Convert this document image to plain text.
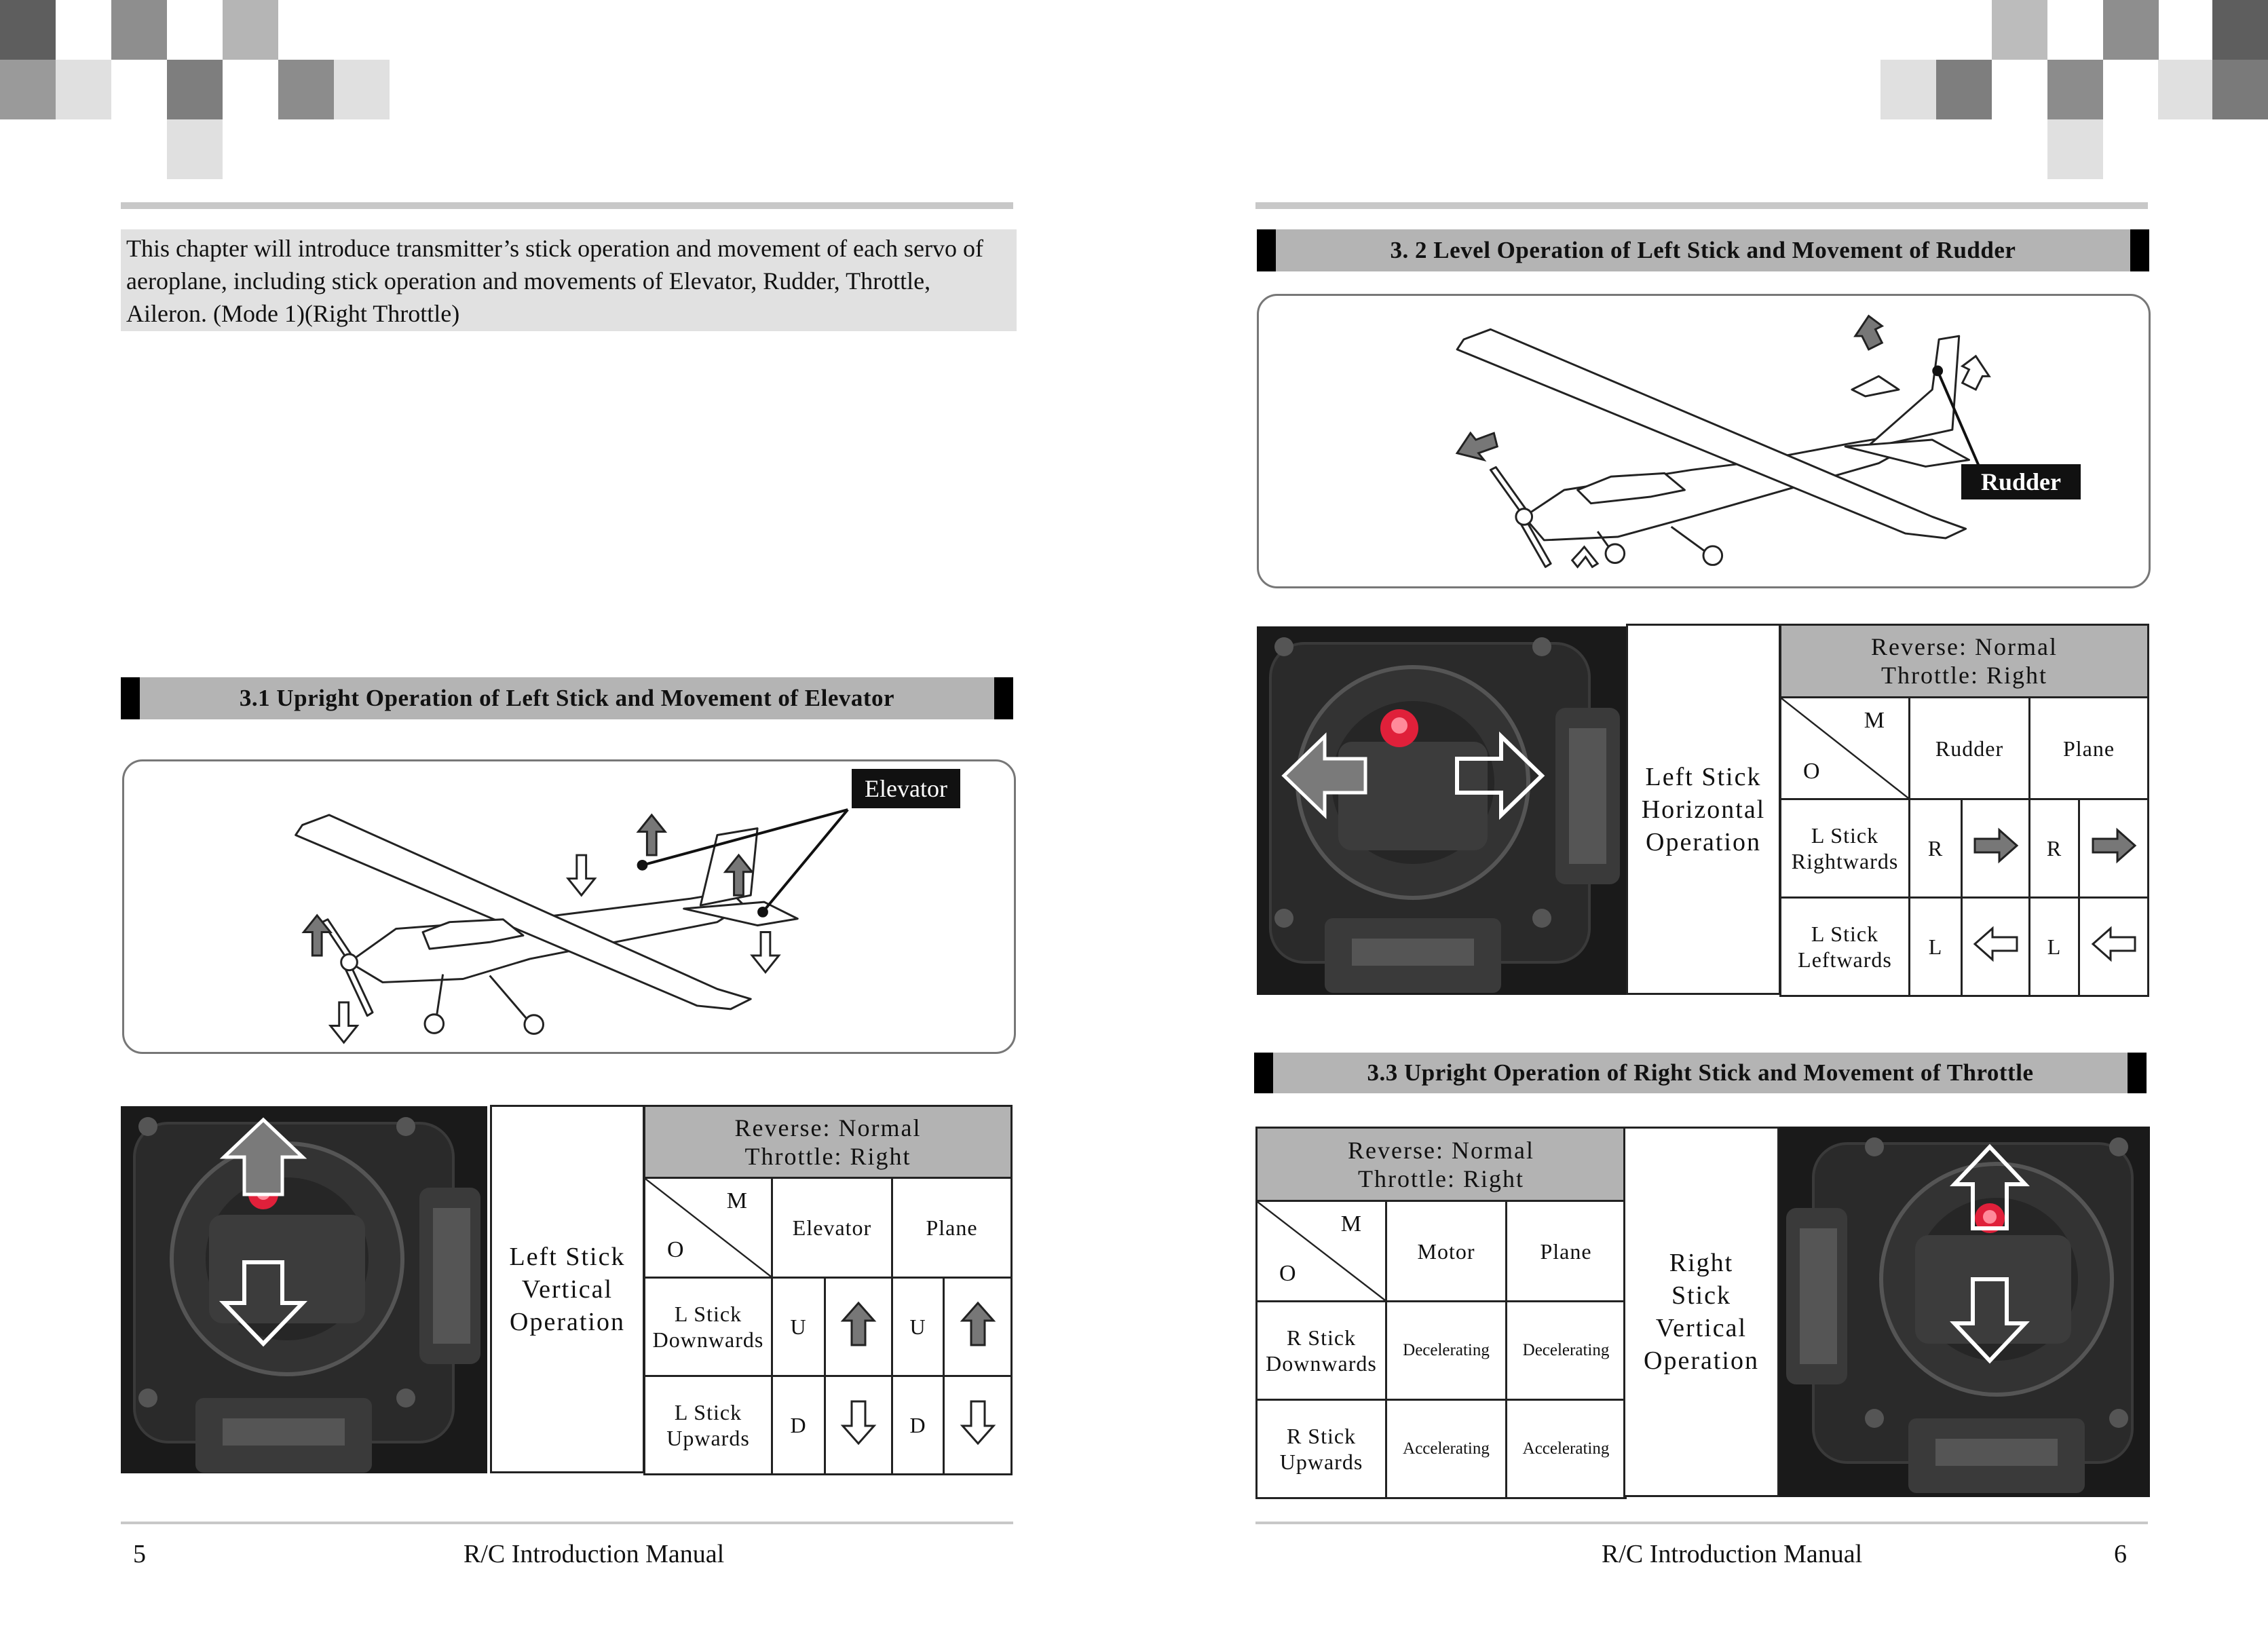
This chapter will introduce transmitter’s stick operation and movement of each servo of aeroplane, including stick operation and movements of Elevator, Rudder, Throttle, Aileron. (Mode 1)(Right Throttle)
3.1 Upright Operation of Left Stick and Movement of Elevator
Elevator
Left Stick Vertical Operation
Reverse: Normal
Throttle: Right				

M
O	Elevator		Plane	
L Stick Downwards	U		U	
L Stick Upwards	D		D	
5	R/C Introduction Manual
3. 2 Level Operation of Left Stick and Movement of Rudder
Rudder
Left Stick Horizontal Operation
Reverse: Normal
Throttle: Right				

M
O	Rudder		Plane	
L Stick Rightwards	R		R	
L Stick Leftwards	L		L	
3.3 Upright Operation of Right Stick and Movement of Throttle
Reverse: Normal
Throttle: Right		

M
O	Motor	Plane
R Stick Downwards	Decelerating	Decelerating
R Stick Upwards	Accelerating	Accelerating
Right Stick Vertical Operation
R/C Introduction Manual	6
